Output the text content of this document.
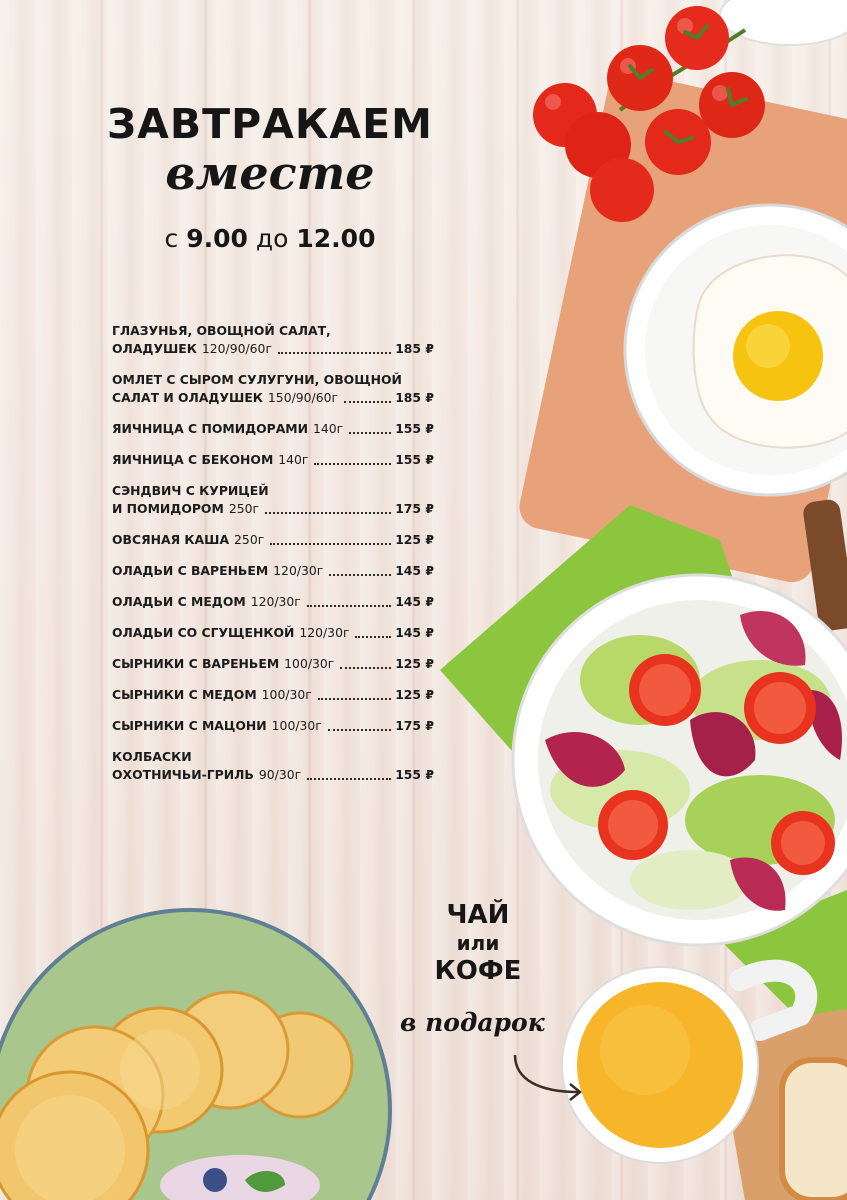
ЗАВТРАКАЕМ
вместе
с 9.00 до 12.00
ГЛАЗУНЬЯ, ОВОЩНОЙ САЛАТ,
ОЛАДУШЕК 120/90/60г	185 ₽
ОМЛЕТ С СЫРОМ СУЛУГУНИ, ОВОЩНОЙ
САЛАТ И ОЛАДУШЕК 150/90/60г	185 ₽
ЯИЧНИЦА С ПОМИДОРАМИ 140г	155 ₽
ЯИЧНИЦА С БЕКОНОМ 140г	155 ₽
СЭНДВИЧ С КУРИЦЕЙ
И ПОМИДОРОМ 250г	175 ₽
ОВСЯНАЯ КАША 250г	125 ₽
ОЛАДЬИ С ВАРЕНЬЕМ 120/30г	145 ₽
ОЛАДЬИ С МЕДОМ 120/30г	145 ₽
ОЛАДЬИ СО СГУЩЕНКОЙ 120/30г	145 ₽
СЫРНИКИ С ВАРЕНЬЕМ 100/30г	125 ₽
СЫРНИКИ С МЕДОМ 100/30г	125 ₽
СЫРНИКИ С МАЦОНИ 100/30г	175 ₽
КОЛБАСКИ
ОХОТНИЧЬИ-ГРИЛЬ 90/30г	155 ₽
ЧАЙ
или
КОФЕ
в подарок
